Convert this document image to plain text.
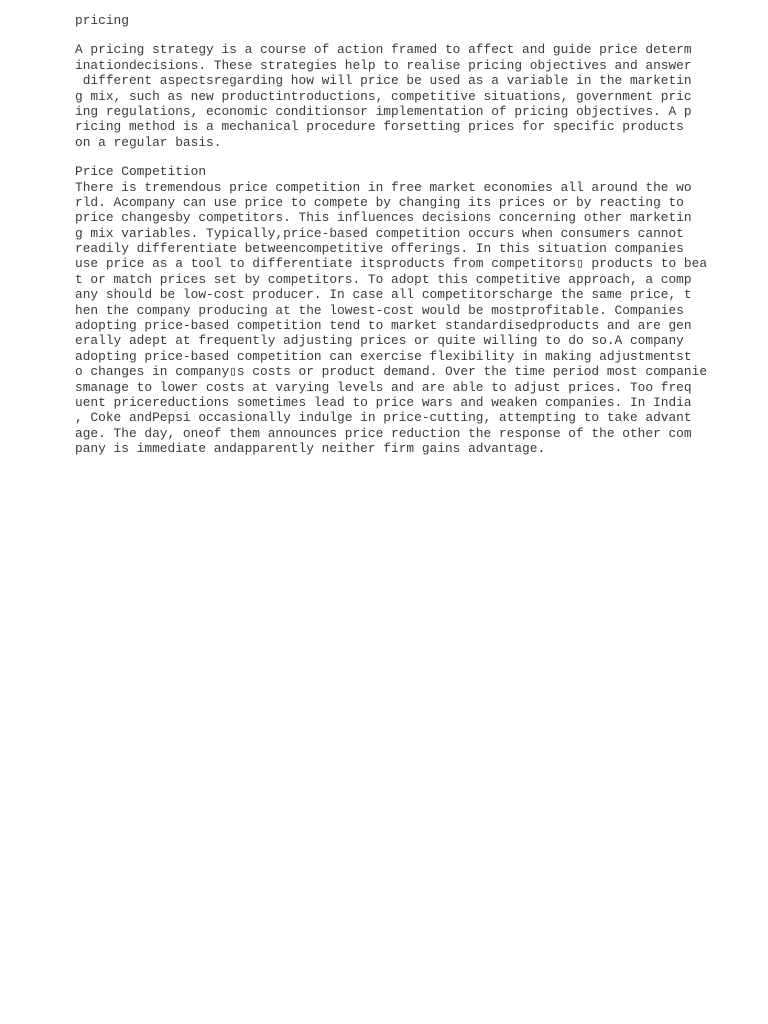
pricing
A pricing strategy is a course of action framed to affect and guide price determ
inationdecisions. These strategies help to realise pricing objectives and answer
different aspectsregarding how will price be used as a variable in the marketin
g mix, such as new productintroductions, competitive situations, government pric
ing regulations, economic conditionsor implementation of pricing objectives. A p
ricing method is a mechanical procedure forsetting prices for specific products
on a regular basis.
Price Competition
There is tremendous price competition in free market economies all around the wo
rld. Acompany can use price to compete by changing its prices or by reacting to
price changesby competitors. This influences decisions concerning other marketin
g mix variables. Typically,price-based competition occurs when consumers cannot
readily differentiate betweencompetitive offerings. In this situation companies
use price as a tool to differentiate itsproducts from competitors▯ products to bea
t or match prices set by competitors. To adopt this competitive approach, a comp
any should be low-cost producer. In case all competitorscharge the same price, t
hen the company producing at the lowest-cost would be mostprofitable. Companies
adopting price-based competition tend to market standardisedproducts and are gen
erally adept at frequently adjusting prices or quite willing to do so.A company
adopting price-based competition can exercise flexibility in making adjustmentst
o changes in company▯s costs or product demand. Over the time period most companie
smanage to lower costs at varying levels and are able to adjust prices. Too freq
uent pricereductions sometimes lead to price wars and weaken companies. In India
, Coke andPepsi occasionally indulge in price-cutting, attempting to take advant
age. The day, oneof them announces price reduction the response of the other com
pany is immediate andapparently neither firm gains advantage.
